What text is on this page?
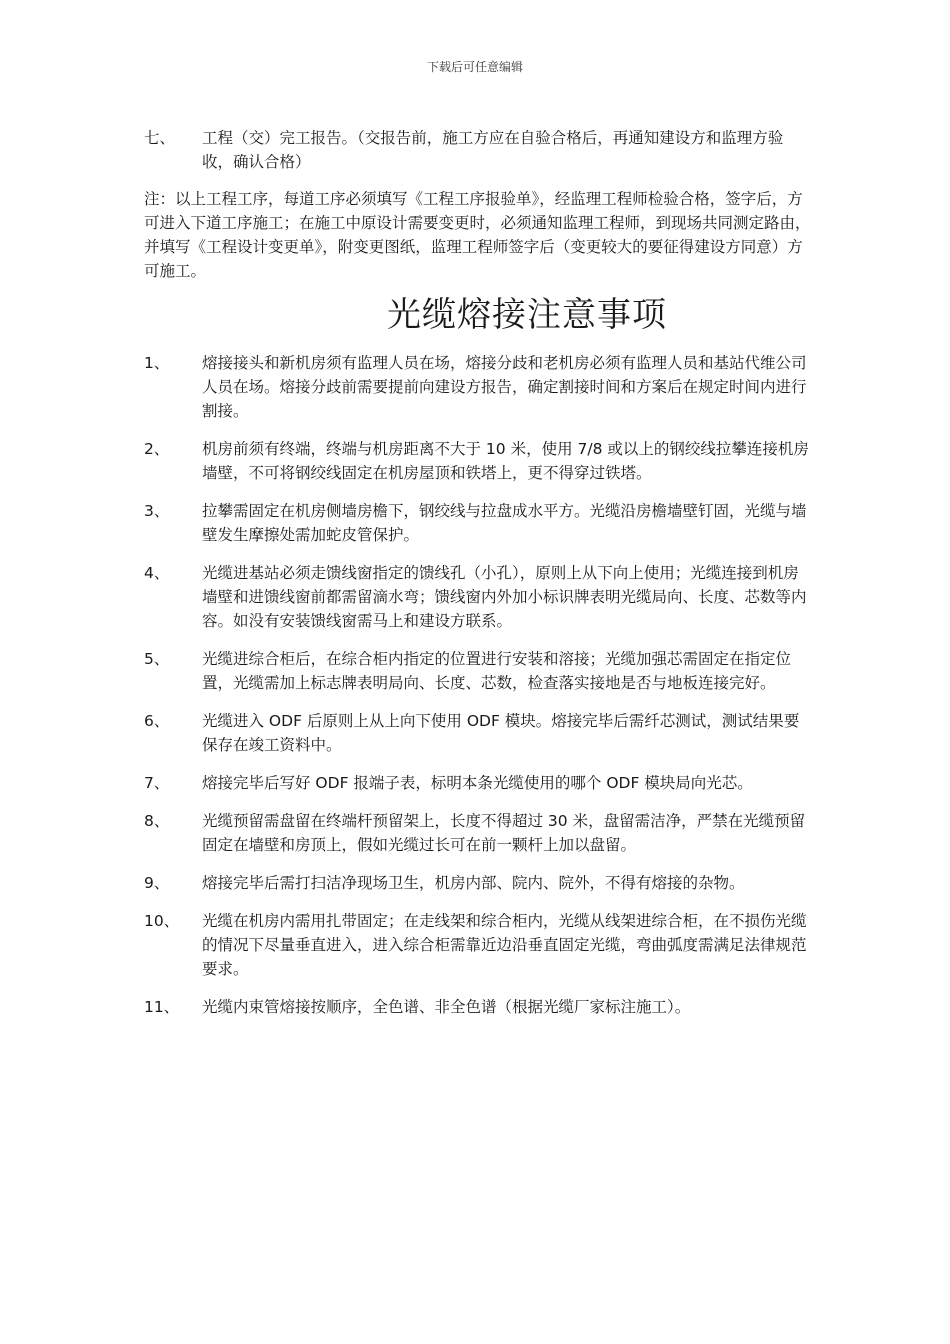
下载后可任意编辑
七、	工程（交）完工报告。（交报告前，施工方应在自验合格后，再通知建设方和监理方验收，确认合格）
注：以上工程工序，每道工序必须填写《工程工序报验单》，经监理工程师检验合格，签字后，方可进入下道工序施工；在施工中原设计需要变更时，必须通知监理工程师，到现场共同测定路由，并填写《工程设计变更单》，附变更图纸，监理工程师签字后（变更较大的要征得建设方同意）方可施工。
光缆熔接注意事项
1、	熔接接头和新机房须有监理人员在场，熔接分歧和老机房必须有监理人员和基站代维公司人员在场。熔接分歧前需要提前向建设方报告，确定割接时间和方案后在规定时间内进行割接。
2、	机房前须有终端，终端与机房距离不大于 10 米，使用 7/8 或以上的钢绞线拉攀连接机房墙壁，不可将钢绞线固定在机房屋顶和铁塔上，更不得穿过铁塔。
3、	拉攀需固定在机房侧墙房檐下，钢绞线与拉盘成水平方。光缆沿房檐墙壁钉固，光缆与墙壁发生摩擦处需加蛇皮管保护。
4、	光缆进基站必须走馈线窗指定的馈线孔（小孔），原则上从下向上使用；光缆连接到机房墙壁和进馈线窗前都需留滴水弯；馈线窗内外加小标识牌表明光缆局向、长度、芯数等内容。如没有安装馈线窗需马上和建设方联系。
5、	光缆进综合柜后，在综合柜内指定的位置进行安装和溶接；光缆加强芯需固定在指定位置，光缆需加上标志牌表明局向、长度、芯数，检查落实接地是否与地板连接完好。
6、	光缆进入 ODF 后原则上从上向下使用 ODF 模块。熔接完毕后需纤芯测试，测试结果要保存在竣工资料中。
7、	熔接完毕后写好 ODF 报端子表，标明本条光缆使用的哪个 ODF 模块局向光芯。
8、	光缆预留需盘留在终端杆预留架上，长度不得超过 30 米，盘留需洁净，严禁在光缆预留固定在墙壁和房顶上，假如光缆过长可在前一颗杆上加以盘留。
9、	熔接完毕后需打扫洁净现场卫生，机房内部、院内、院外，不得有熔接的杂物。
10、	光缆在机房内需用扎带固定；在走线架和综合柜内，光缆从线架进综合柜，在不损伤光缆的情况下尽量垂直进入，进入综合柜需靠近边沿垂直固定光缆，弯曲弧度需满足法律规范要求。
11、	光缆内束管熔接按顺序，全色谱、非全色谱（根据光缆厂家标注施工）。
